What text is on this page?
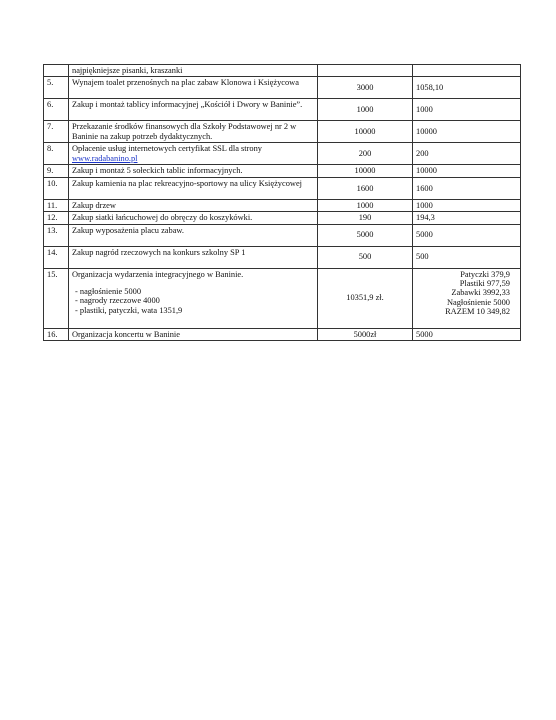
	najpiękniejsze pisanki, kraszanki		
5.	Wynajem toalet przenośnych na plac zabaw Klonowa i Księżycowa	3000	1058,10
6.	Zakup i montaż tablicy informacyjnej „Kościół i Dwory w Baninie”.	1000	1000
7.	Przekazanie środków finansowych dla Szkoły Podstawowej nr 2 w Baninie na zakup potrzeb dydaktycznych.	10000	10000
8.	Opłacenie usług internetowych certyfikat SSL dla strony
www.radabanino.pl	200	200
9.	Zakup i montaż 5 sołeckich tablic informacyjnych.	10000	10000
10.	Zakup kamienia na plac rekreacyjno-sportowy na ulicy Księżycowej	1600	1600
11.	Zakup drzew	1000	1000
12.	Zakup siatki łańcuchowej do obręczy do koszykówki.	190	194,3
13.	Zakup wyposażenia placu zabaw.	5000	5000
14.	Zakup nagród rzeczowych na konkurs szkolny SP 1	500	500
15.	Organizacja wydarzenia integracyjnego w Baninie.
- nagłośnienie 5000
- nagrody rzeczowe 4000
- plastiki, patyczki, wata 1351,9	10351,9 zł.	Patyczki 379,9
Plastiki 977,59
Zabawki 3992,33
Nagłośnienie 5000
RAZEM 10 349,82

16.	Organizacja koncertu w Baninie	5000zł	5000
